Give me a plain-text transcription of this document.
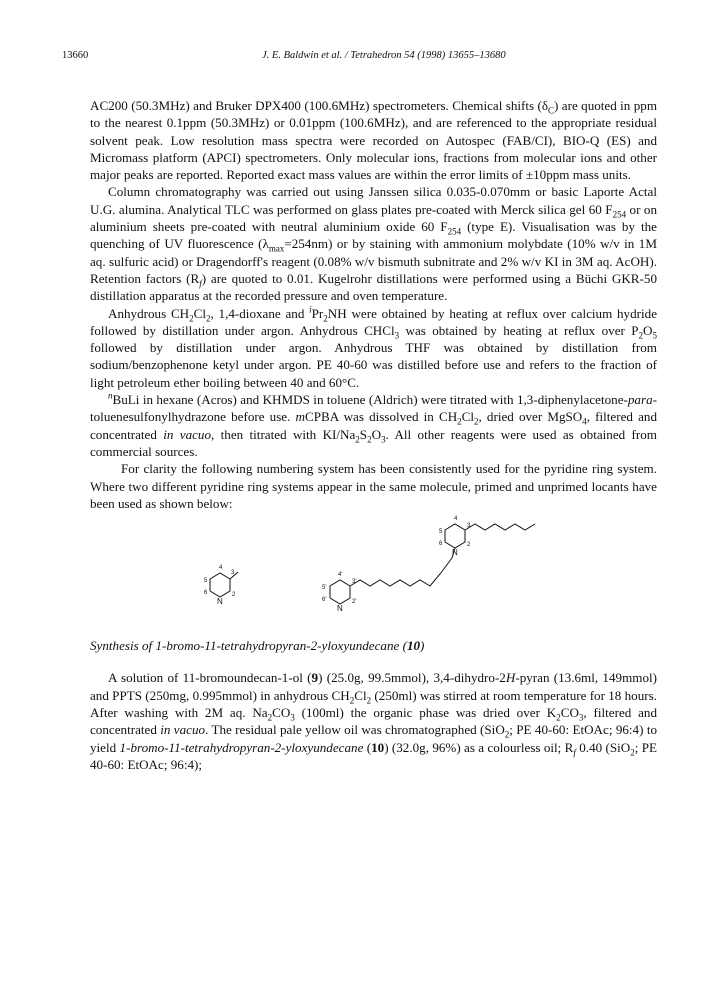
13660	J. E. Baldwin et al. / Tetrahedron 54 (1998) 13655–13680

AC200 (50.3MHz) and Bruker DPX400 (100.6MHz) spectrometers. Chemical shifts $(\delta_C)$ are quoted in ppm to the nearest 0.1ppm (50.3MHz) or 0.01ppm (100.6MHz), and are referenced to the appropriate residual solvent peak. Low resolution mass spectra were recorded on Autospec (FAB/CI), BIO-Q (ES) and Micromass platform (APCI) spectrometers. Only molecular ions, fractions from molecular ions and other major peaks are reported. Reported exact mass values are within the error limits of ±10ppm mass units.

Column chromatography was carried out using Janssen silica 0.035-0.070mm or basic Laporte Actal U.G. alumina. Analytical TLC was performed on glass plates pre-coated with Merck silica gel 60 $F_{254}$ or on aluminium sheets pre-coated with neutral aluminium oxide 60 $F_{254}$ (type E). Visualisation was by the quenching of UV fluorescence $(\lambda_{max}=254nm)$ or by staining with ammonium molybdate (10% w/v in 1M aq. sulfuric acid) or Dragendorff's reagent (0.08% w/v bismuth subnitrate and 2% w/v KI in 3M aq. AcOH). Retention factors $(R_f)$ are quoted to 0.01. Kugelrohr distillations were performed using a Büchi GKR-50 distillation apparatus at the recorded pressure and oven temperature.

Anhydrous $CH_2Cl_2$, 1,4-dioxane and $^iPr_2NH$ were obtained by heating at reflux over calcium hydride followed by distillation under argon. Anhydrous CHCl$_3$ was obtained by heating at reflux over $P_2O_5$ followed by distillation under argon. Anhydrous THF was obtained by distillation from sodium/benzophenone ketyl under argon. PE 40-60 was distilled before use and refers to the fraction of light petroleum ether boiling between 40 and 60°C.

$^n$BuLi in hexane (Acros) and KHMDS in toluene (Aldrich) were titrated with 1,3-diphenylacetone-para-toluenesulfonylhydrazone before use. mCPBA was dissolved in $CH_2Cl_2$, dried over MgSO$_4$, filtered and concentrated in vacuo, then titrated with $KI/Na_2S_2O_3$. All other reagents were used as obtained from commercial sources.

For clarity the following numbering system has been consistently used for the pyridine ring system. Where two different pyridine ring systems appear in the same molecule, primed and unprimed locants have been used as shown below:

4
3
5
6
N
2
4
3
5
6
N
2
4'
3'
5'
6'
N
2'

Synthesis of 1-bromo-11-tetrahydropyran-2-yloxyundecane (10)

A solution of 11-bromoundecan-1-ol (9) (25.0g, 99.5mmol), 3,4-dihydro-2H-pyran (13.6ml, 149mmol) and PPTS (250mg, 0.995mmol) in anhydrous $CH_2Cl_2$ (250ml) was stirred at room temperature for 18 hours. After washing with 2M aq. $Na_2CO_3$ (100ml) the organic phase was dried over $K_2CO_3$, filtered and concentrated in vacuo. The residual pale yellow oil was chromatographed (SiO$_2$; PE 40-60: EtOAc; 96:4) to yield 1-bromo-11-tetrahydropyran-2-yloxyundecane (10) (32.0g, 96%) as a colourless oil; $R_f$ 0.40 (SiO$_2$; PE 40-60: EtOAc; 96:4);
